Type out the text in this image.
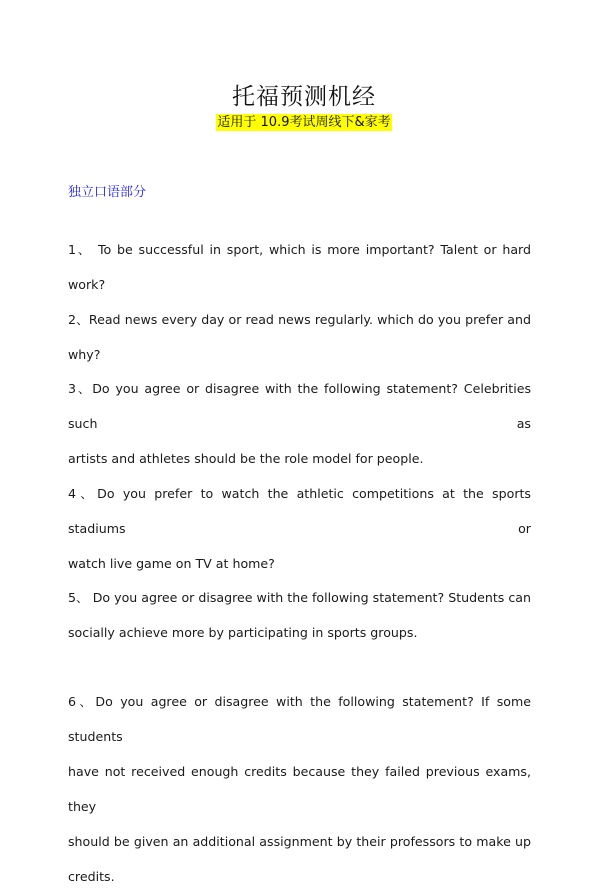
托福预测机经
适用于 10.9考试周线下&家考
独立口语部分
1、 To be successful in sport, which is more important? Talent or hard work?
2、Read news every day or read news regularly. which do you prefer and why?
3、Do you agree or disagree with the following statement? Celebrities such as
artists and athletes should be the role model for people.
4、Do you prefer to watch the athletic competitions at the sports stadiums or
watch live game on TV at home?
5、 Do you agree or disagree with the following statement? Students can
socially achieve more by participating in sports groups.
6、Do you agree or disagree with the following statement? If some students
have not received enough credits because they failed previous exams, they
should be given an additional assignment by their professors to make up
credits.
